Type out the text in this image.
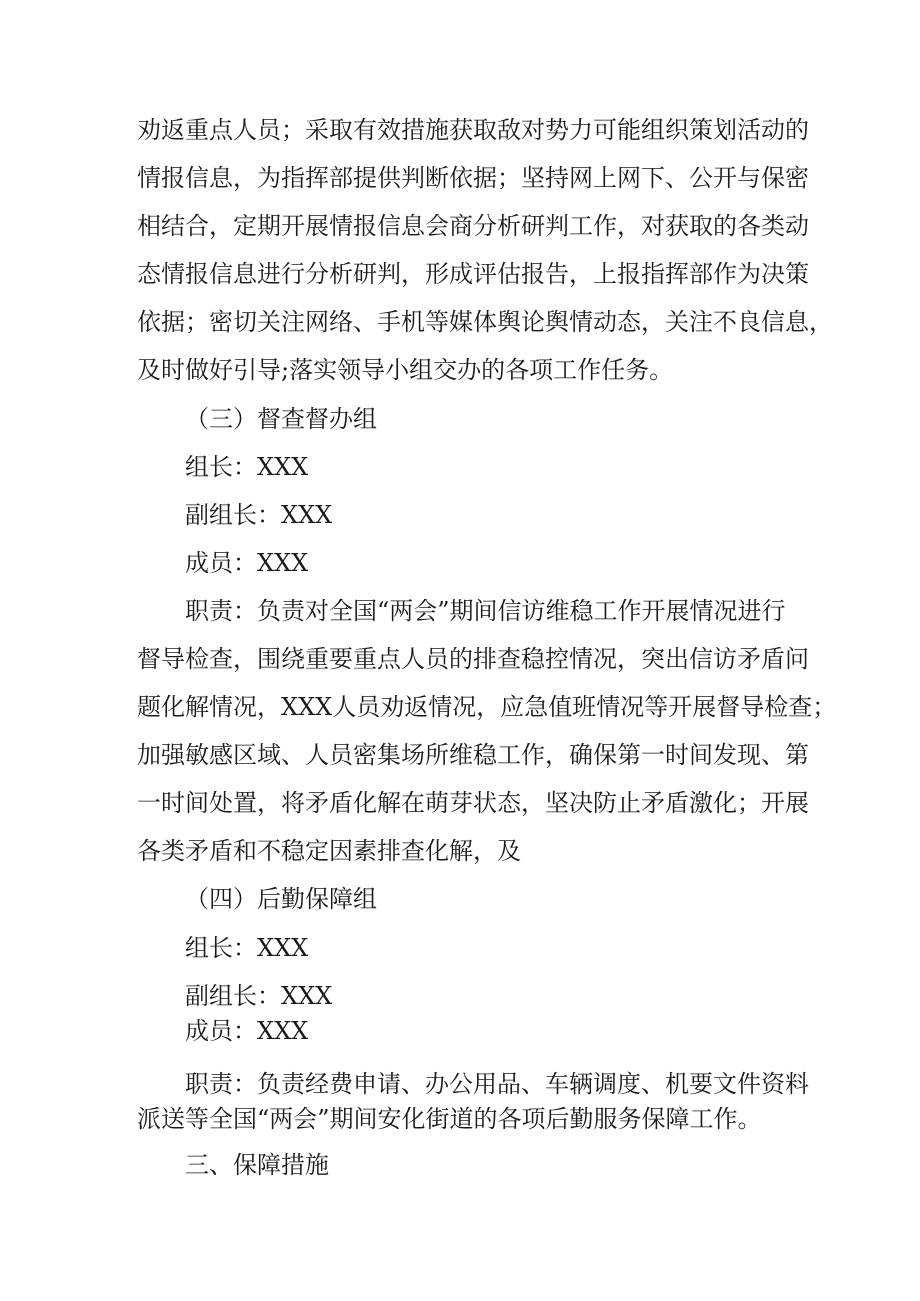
劝返重点人员；采取有效措施获取敌对势力可能组织策划活动的
情报信息，为指挥部提供判断依据；坚持网上网下、公开与保密
相结合，定期开展情报信息会商分析研判工作，对获取的各类动
态情报信息进行分析研判，形成评估报告，上报指挥部作为决策
依据；密切关注网络、手机等媒体舆论舆情动态，关注不良信息，
及时做好引导;落实领导小组交办的各项工作任务。
（三）督查督办组
组长：XXX
副组长：XXX
成员：XXX
职责：负责对全国“两会”期间信访维稳工作开展情况进行
督导检查，围绕重要重点人员的排查稳控情况，突出信访矛盾问
题化解情况，XXX人员劝返情况，应急值班情况等开展督导检查；
加强敏感区域、人员密集场所维稳工作，确保第一时间发现、第
一时间处置，将矛盾化解在萌芽状态，坚决防止矛盾激化；开展
各类矛盾和不稳定因素排查化解，及
（四）后勤保障组
组长：XXX
副组长：XXX
成员：XXX
职责：负责经费申请、办公用品、车辆调度、机要文件资料
派送等全国“两会”期间安化街道的各项后勤服务保障工作。
三、保障措施
